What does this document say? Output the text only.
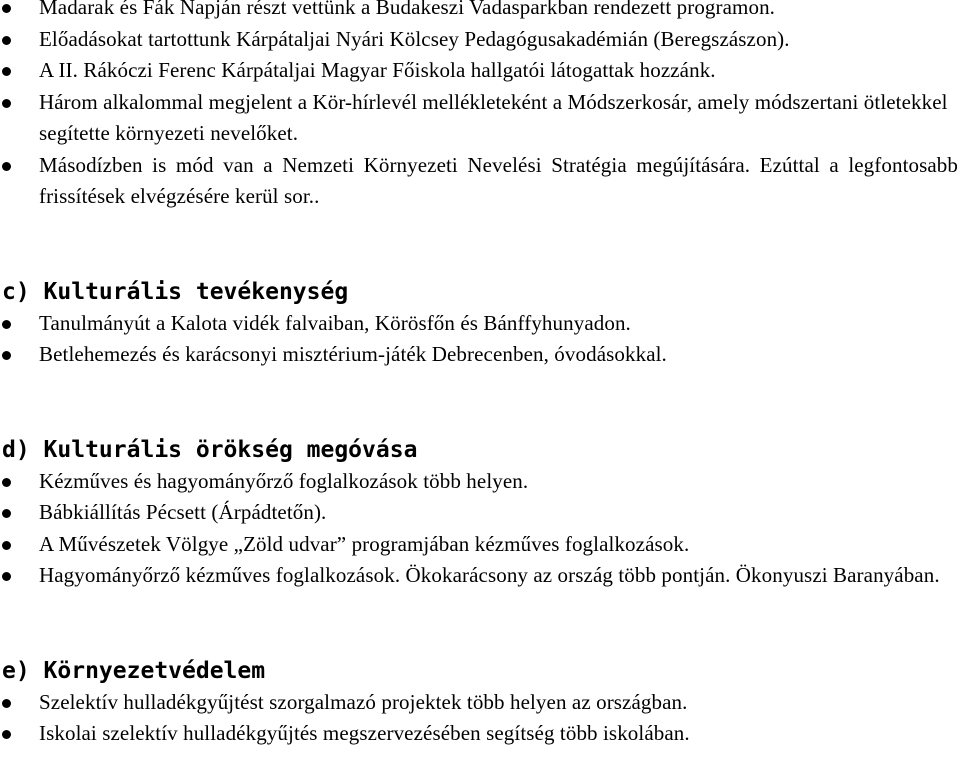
Madarak és Fák Napján részt vettünk a Budakeszi Vadasparkban rendezett programon.
Előadásokat tartottunk Kárpátaljai Nyári Kölcsey Pedagógusakadémián (Beregszászon).
A II. Rákóczi Ferenc Kárpátaljai Magyar Főiskola hallgatói látogattak hozzánk.
Három alkalommal megjelent a Kör-hírlevél mellékleteként a Módszerkosár, amely módszertani ötletekkel segítette környezeti nevelőket.
Másodízben is mód van a Nemzeti Környezeti Nevelési Stratégia megújítására. Ezúttal a legfontosabb frissítések elvégzésére kerül sor..
c) Kulturális tevékenység
Tanulmányút a Kalota vidék falvaiban, Körösfőn és Bánffyhunyadon.
Betlehemezés és karácsonyi misztérium-játék Debrecenben, óvodásokkal.
d) Kulturális örökség megóvása
Kézműves és hagyományőrző foglalkozások több helyen.
Bábkiállítás Pécsett (Árpádtetőn).
A Művészetek Völgye „Zöld udvar” programjában kézműves foglalkozások.
Hagyományőrző kézműves foglalkozások. Ökokarácsony az ország több pontján. Ökonyuszi Baranyában.
e) Környezetvédelem
Szelektív hulladékgyűjtést szorgalmazó projektek több helyen az országban.
Iskolai szelektív hulladékgyűjtés megszervezésében segítség több iskolában.
